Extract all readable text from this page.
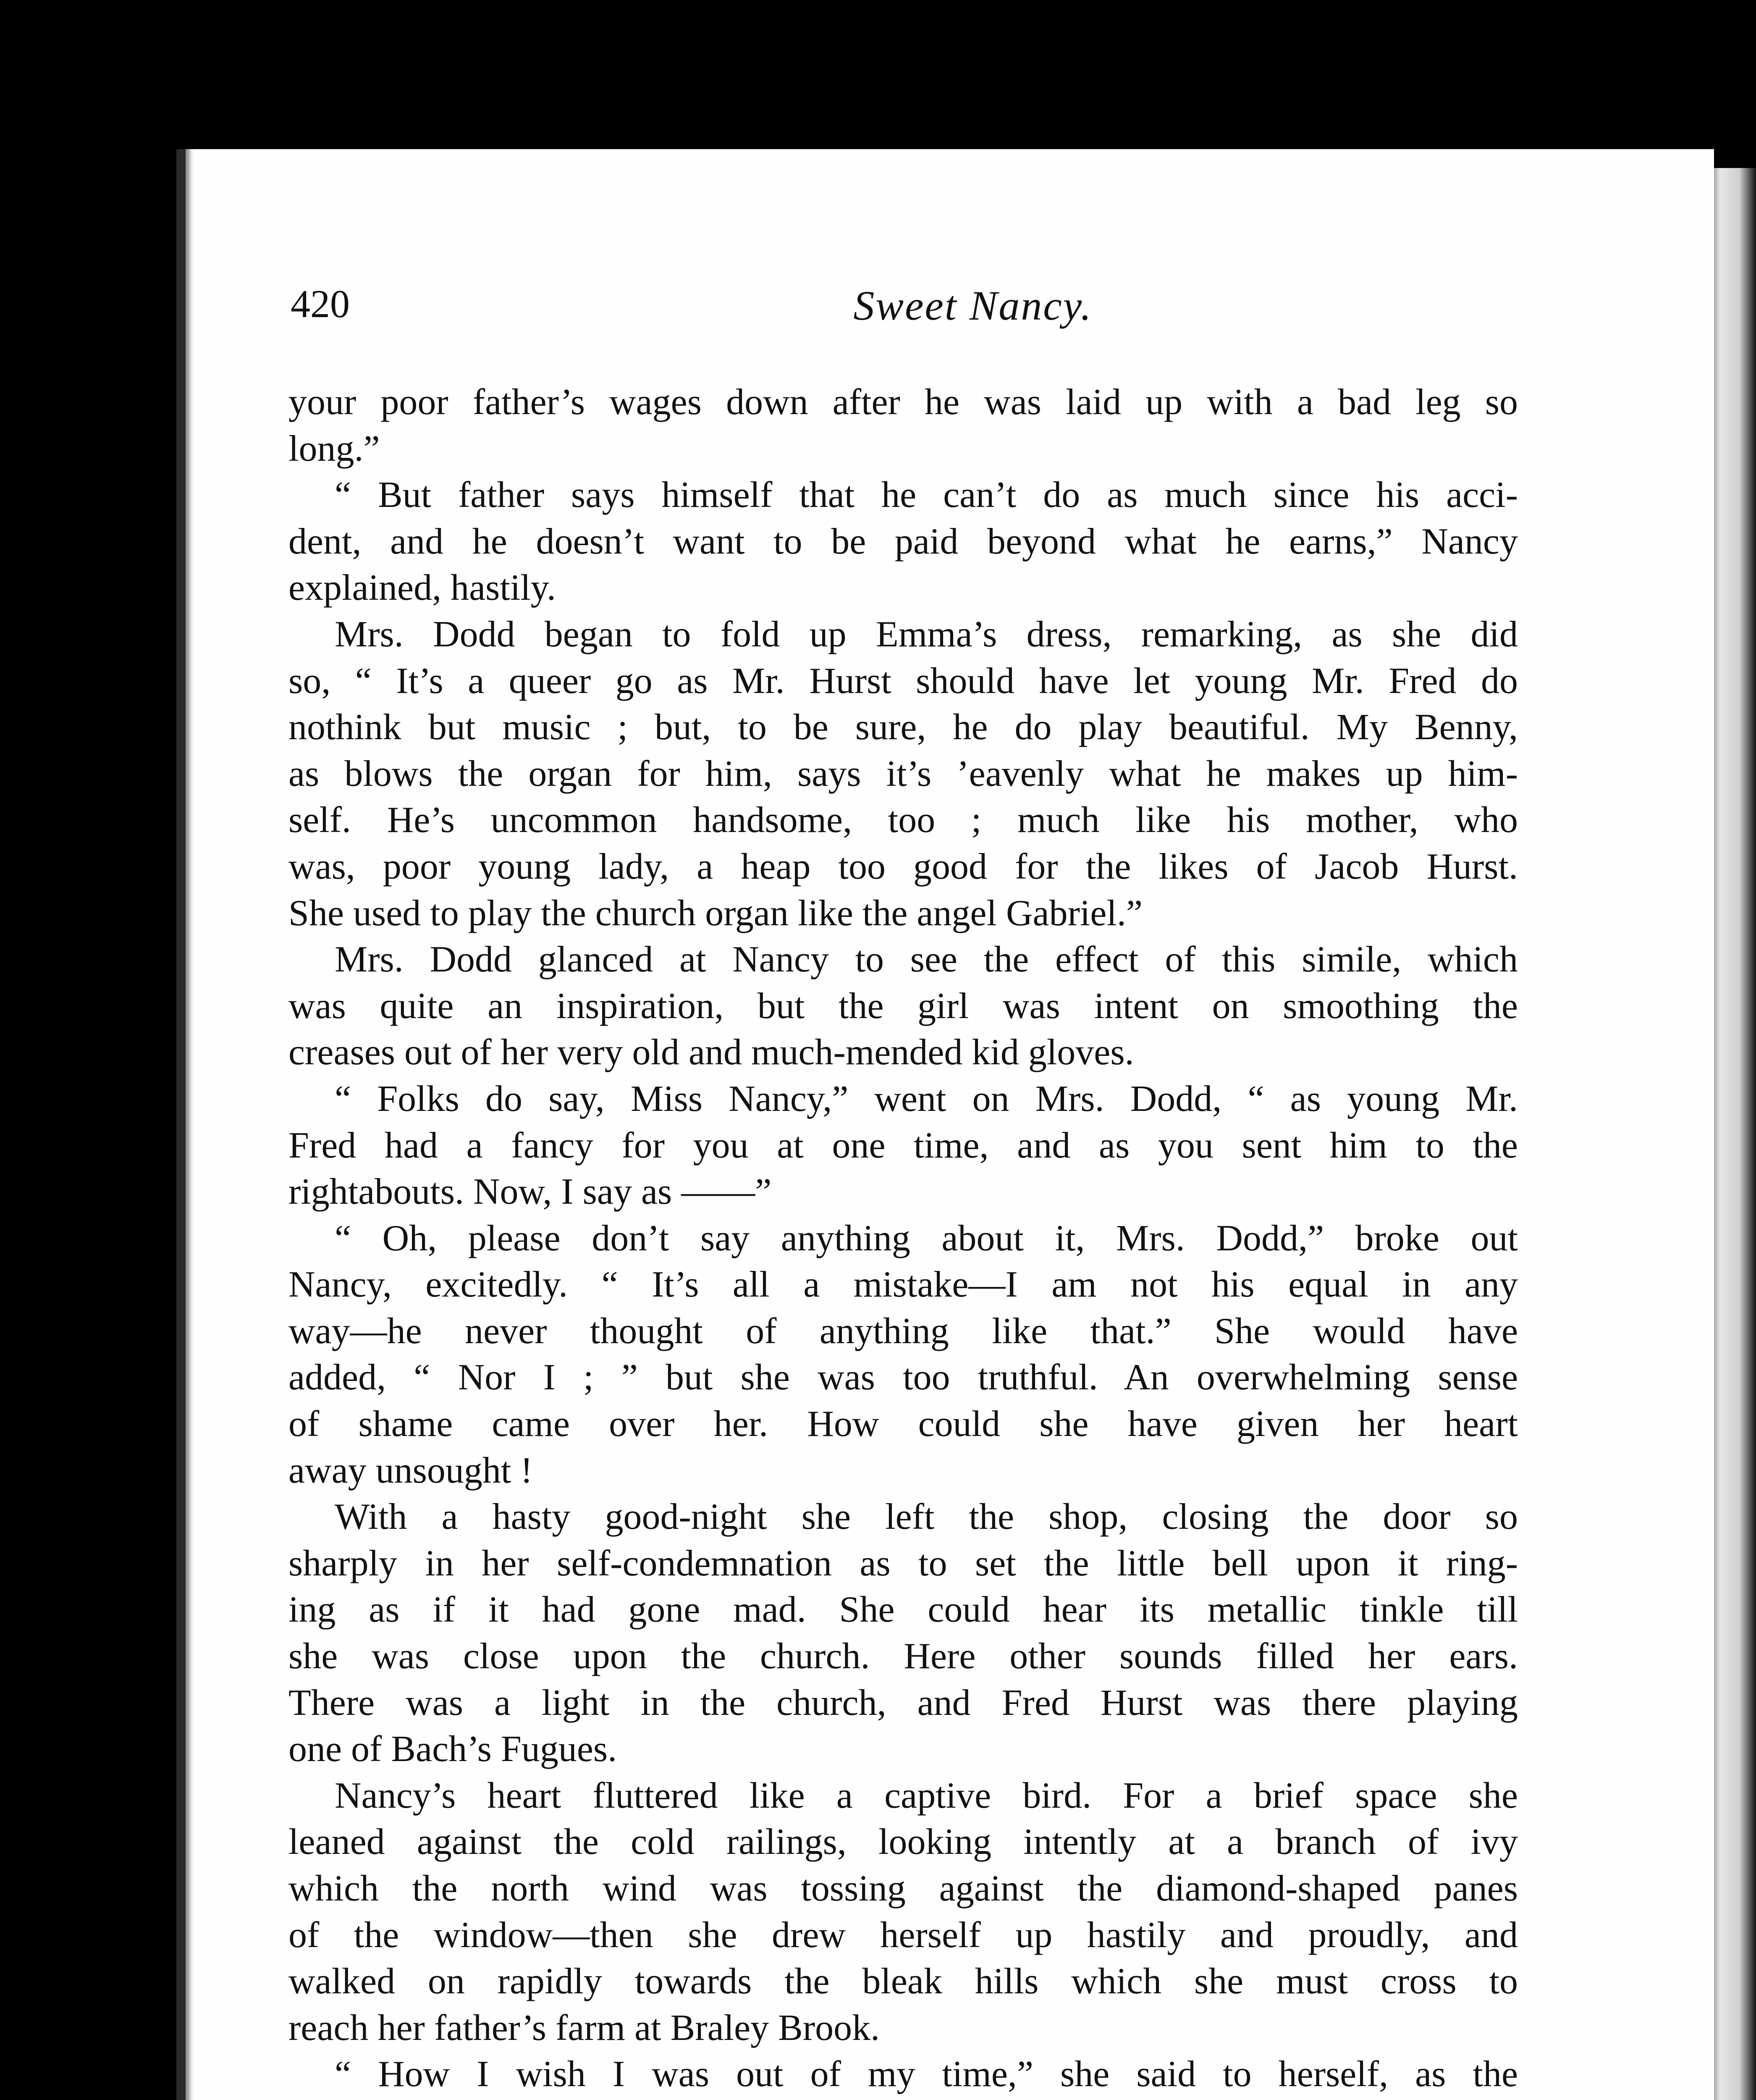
420	Sweet Nancy.
your poor father’s wages down after he was laid up with a bad leg so
long.”
“ But father says himself that he can’t do as much since his acci-
dent, and he doesn’t want to be paid beyond what he earns,” Nancy
explained, hastily.
Mrs. Dodd began to fold up Emma’s dress, remarking, as she did
so, “ It’s a queer go as Mr. Hurst should have let young Mr. Fred do
nothink but music ; but, to be sure, he do play beautiful. My Benny,
as blows the organ for him, says it’s ’eavenly what he makes up him-
self. He’s uncommon handsome, too ; much like his mother, who
was, poor young lady, a heap too good for the likes of Jacob Hurst.
She used to play the church organ like the angel Gabriel.”
Mrs. Dodd glanced at Nancy to see the effect of this simile, which
was quite an inspiration, but the girl was intent on smoothing the
creases out of her very old and much-mended kid gloves.
“ Folks do say, Miss Nancy,” went on Mrs. Dodd, “ as young Mr.
Fred had a fancy for you at one time, and as you sent him to the
rightabouts. Now, I say as ——”
“ Oh, please don’t say anything about it, Mrs. Dodd,” broke out
Nancy, excitedly. “ It’s all a mistake—I am not his equal in any
way—he never thought of anything like that.” She would have
added, “ Nor I ; ” but she was too truthful. An overwhelming sense
of shame came over her. How could she have given her heart
away unsought !
With a hasty good-night she left the shop, closing the door so
sharply in her self-condemnation as to set the little bell upon it ring-
ing as if it had gone mad. She could hear its metallic tinkle till
she was close upon the church. Here other sounds filled her ears.
There was a light in the church, and Fred Hurst was there playing
one of Bach’s Fugues.
Nancy’s heart fluttered like a captive bird. For a brief space she
leaned against the cold railings, looking intently at a branch of ivy
which the north wind was tossing against the diamond-shaped panes
of the window—then she drew herself up hastily and proudly, and
walked on rapidly towards the bleak hills which she must cross to
reach her father’s farm at Braley Brook.
“ How I wish I was out of my time,” she said to herself, as the
